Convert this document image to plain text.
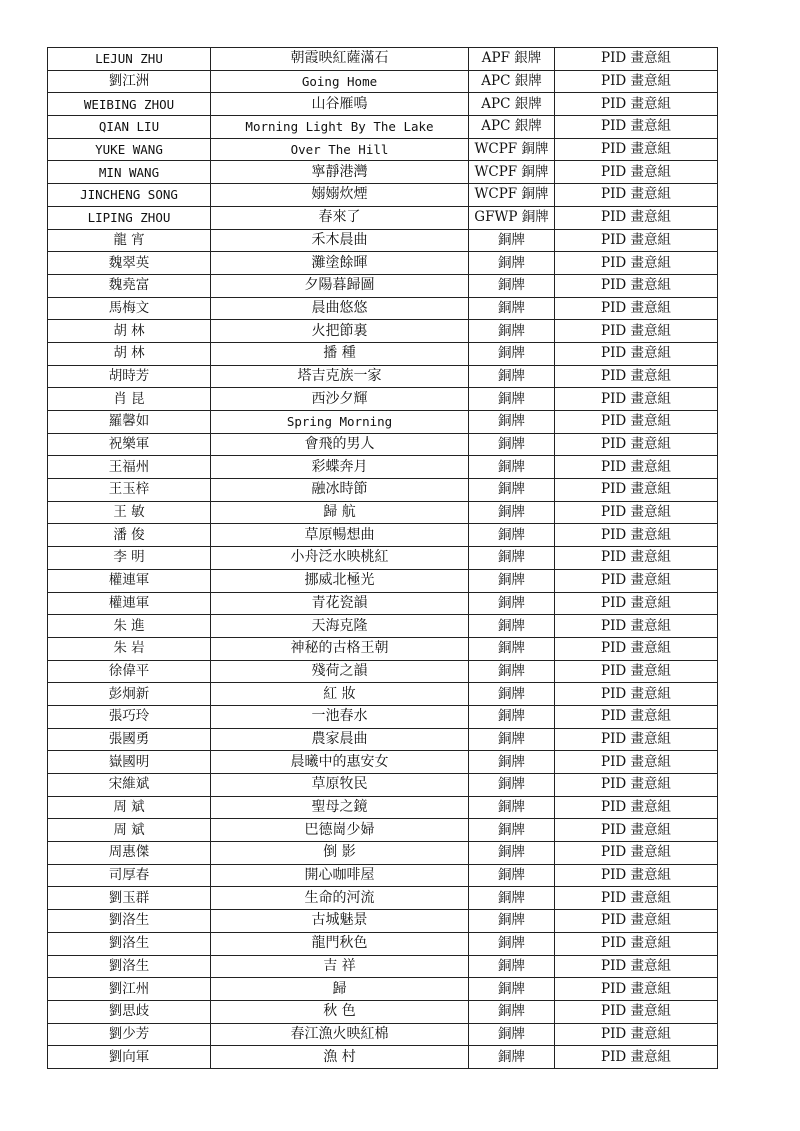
LEJUN ZHU	朝霞映紅薩滿石	APF 銀牌	PID 畫意組
劉江洲	Going Home	APC 銀牌	PID 畫意組
WEIBING ZHOU	山谷雁鳴	APC 銀牌	PID 畫意組
QIAN LIU	Morning Light By The Lake	APC 銀牌	PID 畫意組
YUKE WANG	Over The Hill	WCPF 銅牌	PID 畫意組
MIN WANG	寧靜港灣	WCPF 銅牌	PID 畫意組
JINCHENG SONG	嫋嫋炊煙	WCPF 銅牌	PID 畫意組
LIPING ZHOU	春來了	GFWP 銅牌	PID 畫意組
龍 宵	禾木晨曲	銅牌	PID 畫意組
魏翠英	灘塗餘暉	銅牌	PID 畫意組
魏堯富	夕陽暮歸圖	銅牌	PID 畫意組
馬梅文	晨曲悠悠	銅牌	PID 畫意組
胡 林	火把節裏	銅牌	PID 畫意組
胡 林	播 種	銅牌	PID 畫意組
胡時芳	塔吉克族一家	銅牌	PID 畫意組
肖 昆	西沙夕輝	銅牌	PID 畫意組
羅馨如	Spring Morning	銅牌	PID 畫意組
祝樂軍	會飛的男人	銅牌	PID 畫意組
王福州	彩蝶奔月	銅牌	PID 畫意組
王玉梓	融冰時節	銅牌	PID 畫意組
王 敏	歸 航	銅牌	PID 畫意組
潘 俊	草原暢想曲	銅牌	PID 畫意組
李 明	小舟泛水映桃紅	銅牌	PID 畫意組
權連軍	挪威北極光	銅牌	PID 畫意組
權連軍	青花瓷韻	銅牌	PID 畫意組
朱 進	天海克隆	銅牌	PID 畫意組
朱 岩	神秘的古格王朝	銅牌	PID 畫意組
徐偉平	殘荷之韻	銅牌	PID 畫意組
彭炯新	紅 妝	銅牌	PID 畫意組
張巧玲	一池春水	銅牌	PID 畫意組
張國勇	農家晨曲	銅牌	PID 畫意組
嶽國明	晨曦中的惠安女	銅牌	PID 畫意組
宋維斌	草原牧民	銅牌	PID 畫意組
周 斌	聖母之鏡	銅牌	PID 畫意組
周 斌	巴德崗少婦	銅牌	PID 畫意組
周惠傑	倒 影	銅牌	PID 畫意組
司厚春	開心咖啡屋	銅牌	PID 畫意組
劉玉群	生命的河流	銅牌	PID 畫意組
劉洛生	古城魅景	銅牌	PID 畫意組
劉洛生	龍門秋色	銅牌	PID 畫意組
劉洛生	吉 祥	銅牌	PID 畫意組
劉江州	歸	銅牌	PID 畫意組
劉思歧	秋 色	銅牌	PID 畫意組
劉少芳	春江漁火映紅棉	銅牌	PID 畫意組
劉向軍	漁 村	銅牌	PID 畫意組
